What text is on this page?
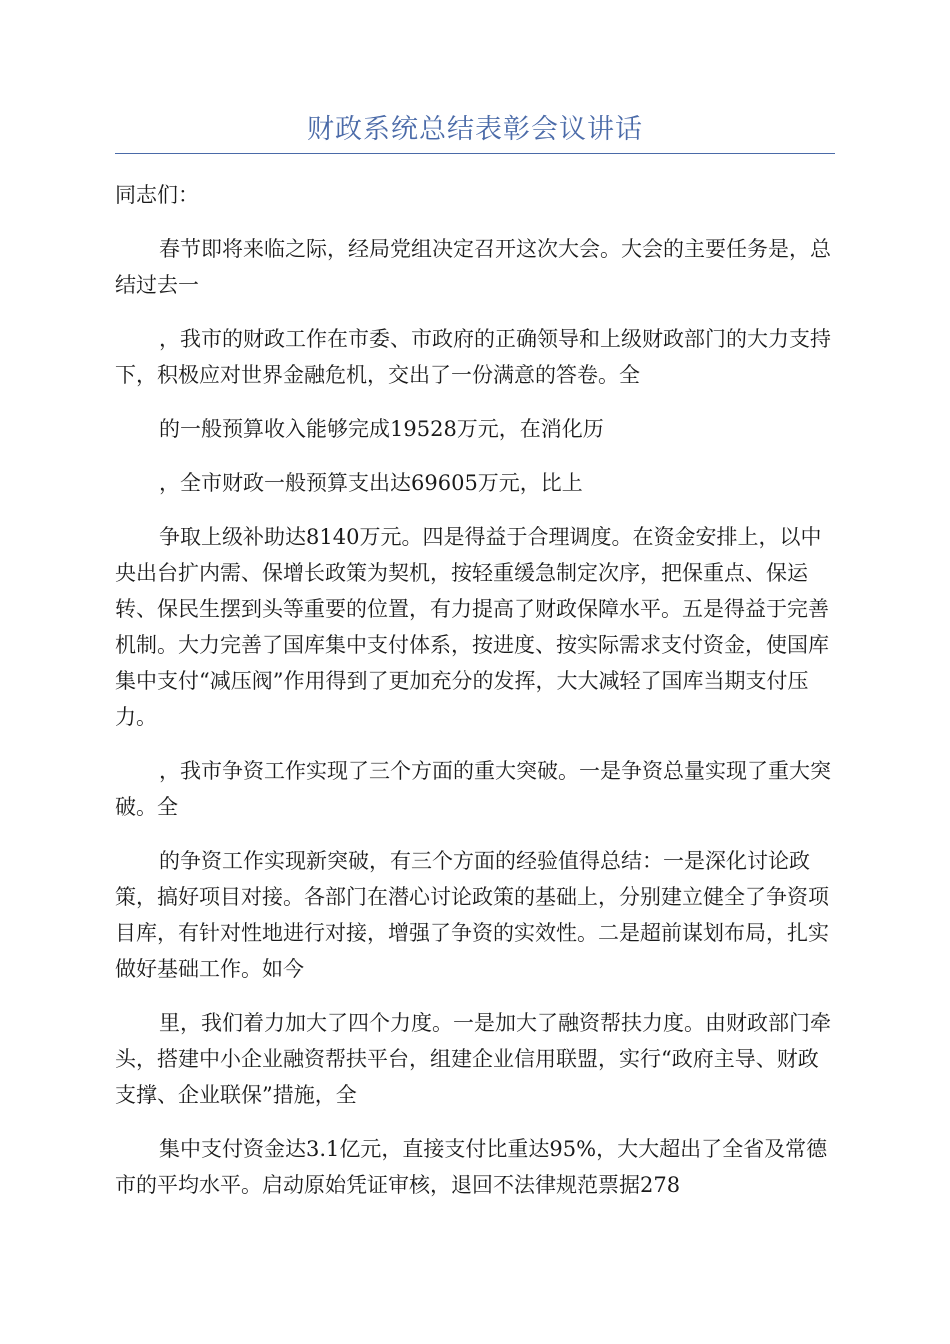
财政系统总结表彰会议讲话

同志们：

春节即将来临之际，经局党组决定召开这次大会。大会的主要任务是，总结过去一

，我市的财政工作在市委、市政府的正确领导和上级财政部门的大力支持下，积极应对世界金融危机，交出了一份满意的答卷。全

的一般预算收入能够完成19528万元，在消化历

，全市财政一般预算支出达69605万元，比上

争取上级补助达8140万元。四是得益于合理调度。在资金安排上，以中央出台扩内需、保增长政策为契机，按轻重缓急制定次序，把保重点、保运转、保民生摆到头等重要的位置，有力提高了财政保障水平。五是得益于完善机制。大力完善了国库集中支付体系，按进度、按实际需求支付资金，使国库集中支付“减压阀”作用得到了更加充分的发挥，大大减轻了国库当期支付压力。

，我市争资工作实现了三个方面的重大突破。一是争资总量实现了重大突破。全

的争资工作实现新突破，有三个方面的经验值得总结：一是深化讨论政策，搞好项目对接。各部门在潜心讨论政策的基础上，分别建立健全了争资项目库，有针对性地进行对接，增强了争资的实效性。二是超前谋划布局，扎实做好基础工作。如今

里，我们着力加大了四个力度。一是加大了融资帮扶力度。由财政部门牵头，搭建中小企业融资帮扶平台，组建企业信用联盟，实行“政府主导、财政支撑、企业联保”措施，全

集中支付资金达3.1亿元，直接支付比重达95%，大大超出了全省及常德市的平均水平。启动原始凭证审核，退回不法律规范票据278
